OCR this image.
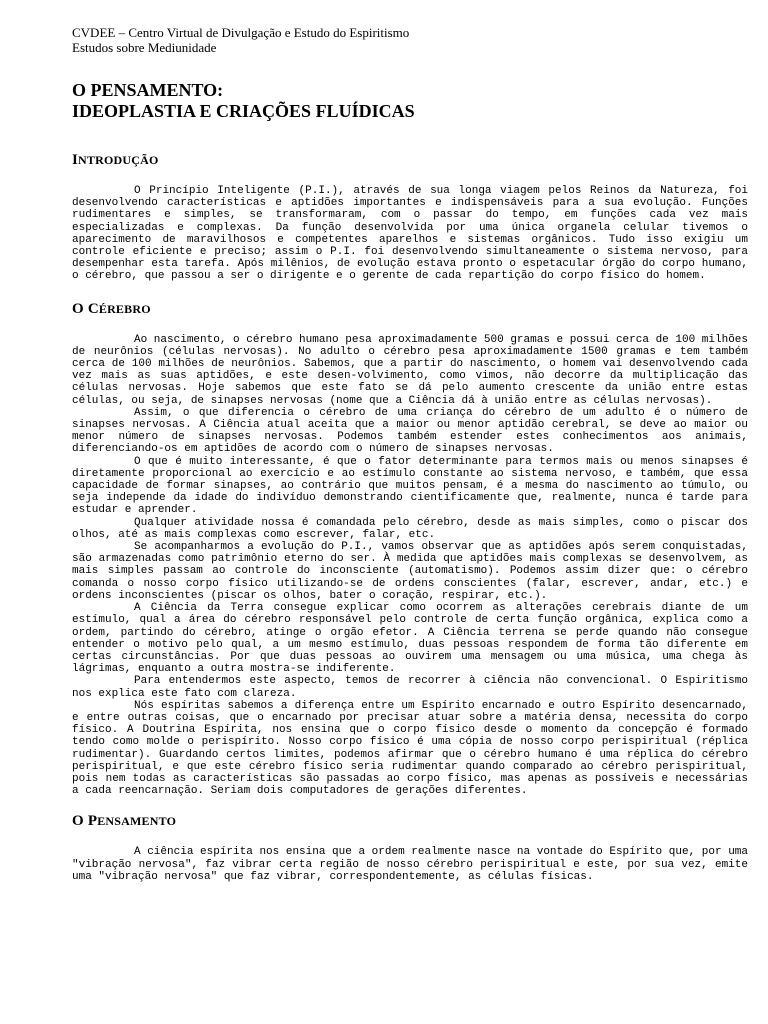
CVDEE – Centro Virtual de Divulgação e Estudo do Espiritismo

Estudos sobre Mediunidade

O PENSAMENTO:
IDEOPLASTIA E CRIAÇÕES FLUÍDICAS
INTRODUÇÃO

O Princípio Inteligente (P.I.), através de sua longa viagem pelos Reinos da Natureza, foi desenvolvendo características e aptidões importantes e indispensáveis para a sua evolução. Funções rudimentares e simples, se transformaram, com o passar do tempo, em funções cada vez mais especializadas e complexas. Da função desenvolvida por uma única organela celular tivemos o aparecimento de maravilhosos e competentes aparelhos e sistemas orgânicos. Tudo isso exigiu um controle eficiente e preciso; assim o P.I. foi desenvolvendo simultaneamente o sistema nervoso, para desempenhar esta tarefa. Após milênios, de evolução estava pronto o espetacular órgão do corpo humano, o cérebro, que passou a ser o dirigente e o gerente de cada repartição do corpo físico do homem.

O CÉREBRO

Ao nascimento, o cérebro humano pesa aproximadamente 500 gramas e possui cerca de 100 milhões de neurônios (células nervosas). No adulto o cérebro pesa aproximadamente 1500 gramas e tem também cerca de 100 milhões de neurônios. Sabemos, que a partir do nascimento, o homem vai desenvolvendo cada vez mais as suas aptidões, e este desen-volvimento, como vimos, não decorre da multiplicação das células nervosas. Hoje sabemos que este fato se dá pelo aumento crescente da união entre estas células, ou seja, de sinapses nervosas (nome que a Ciência dá à união entre as células nervosas).

Assim, o que diferencia o cérebro de uma criança do cérebro de um adulto é o número de sinapses nervosas. A Ciência atual aceita que a maior ou menor aptidão cerebral, se deve ao maior ou menor número de sinapses nervosas. Podemos também estender estes conhecimentos aos animais, diferenciando-os em aptidões de acordo com o número de sinapses nervosas.

O que é muito interessante, é que o fator determinante para termos mais ou menos sinapses é diretamente proporcional ao exercício e ao estímulo constante ao sistema nervoso, e também, que essa capacidade de formar sinapses, ao contrário que muitos pensam, é a mesma do nascimento ao túmulo, ou seja independe da idade do indivíduo demonstrando cientificamente que, realmente, nunca é tarde para estudar e aprender.

Qualquer atividade nossa é comandada pelo cérebro, desde as mais simples, como o piscar dos olhos, até as mais complexas como escrever, falar, etc.

Se acompanharmos a evolução do P.I., vamos observar que as aptidões após serem conquistadas, são armazenadas como patrimônio eterno do ser. À medida que aptidões mais complexas se desenvolvem, as mais simples passam ao controle do inconsciente (automatismo). Podemos assim dizer que: o cérebro comanda o nosso corpo físico utilizando-se de ordens conscientes (falar, escrever, andar, etc.) e ordens inconscientes (piscar os olhos, bater o coração, respirar, etc.).

A Ciência da Terra consegue explicar como ocorrem as alterações cerebrais diante de um estímulo, qual a área do cérebro responsável pelo controle de certa função orgânica, explica como a ordem, partindo do cérebro, atinge o orgão efetor. A Ciência terrena se perde quando não consegue entender o motivo pelo qual, a um mesmo estímulo, duas pessoas respondem de forma tão diferente em certas circunstâncias. Por que duas pessoas ao ouvirem uma mensagem ou uma música, uma chega às lágrimas, enquanto a outra mostra-se indiferente.

Para entendermos este aspecto, temos de recorrer à ciência não convencional. O Espiritismo nos explica este fato com clareza.

Nós espíritas sabemos a diferença entre um Espírito encarnado e outro Espírito desencarnado, e entre outras coisas, que o encarnado por precisar atuar sobre a matéria densa, necessita do corpo físico. A Doutrina Espírita, nos ensina que o corpo físico desde o momento da concepção é formado tendo como molde o perispírito. Nosso corpo físico é uma cópia de nosso corpo perispiritual (réplica rudimentar). Guardando certos limites, podemos afirmar que o cérebro humano é uma réplica do cérebro perispiritual, e que este cérebro físico seria rudimentar quando comparado ao cérebro perispiritual, pois nem todas as características são passadas ao corpo físico, mas apenas as possíveis e necessárias a cada reencarnação. Seriam dois computadores de gerações diferentes.

O PENSAMENTO

A ciência espírita nos ensina que a ordem realmente nasce na vontade do Espírito que, por uma "vibração nervosa", faz vibrar certa região de nosso cérebro perispiritual e este, por sua vez, emite uma "vibração nervosa" que faz vibrar, correspondentemente, as células físicas.
